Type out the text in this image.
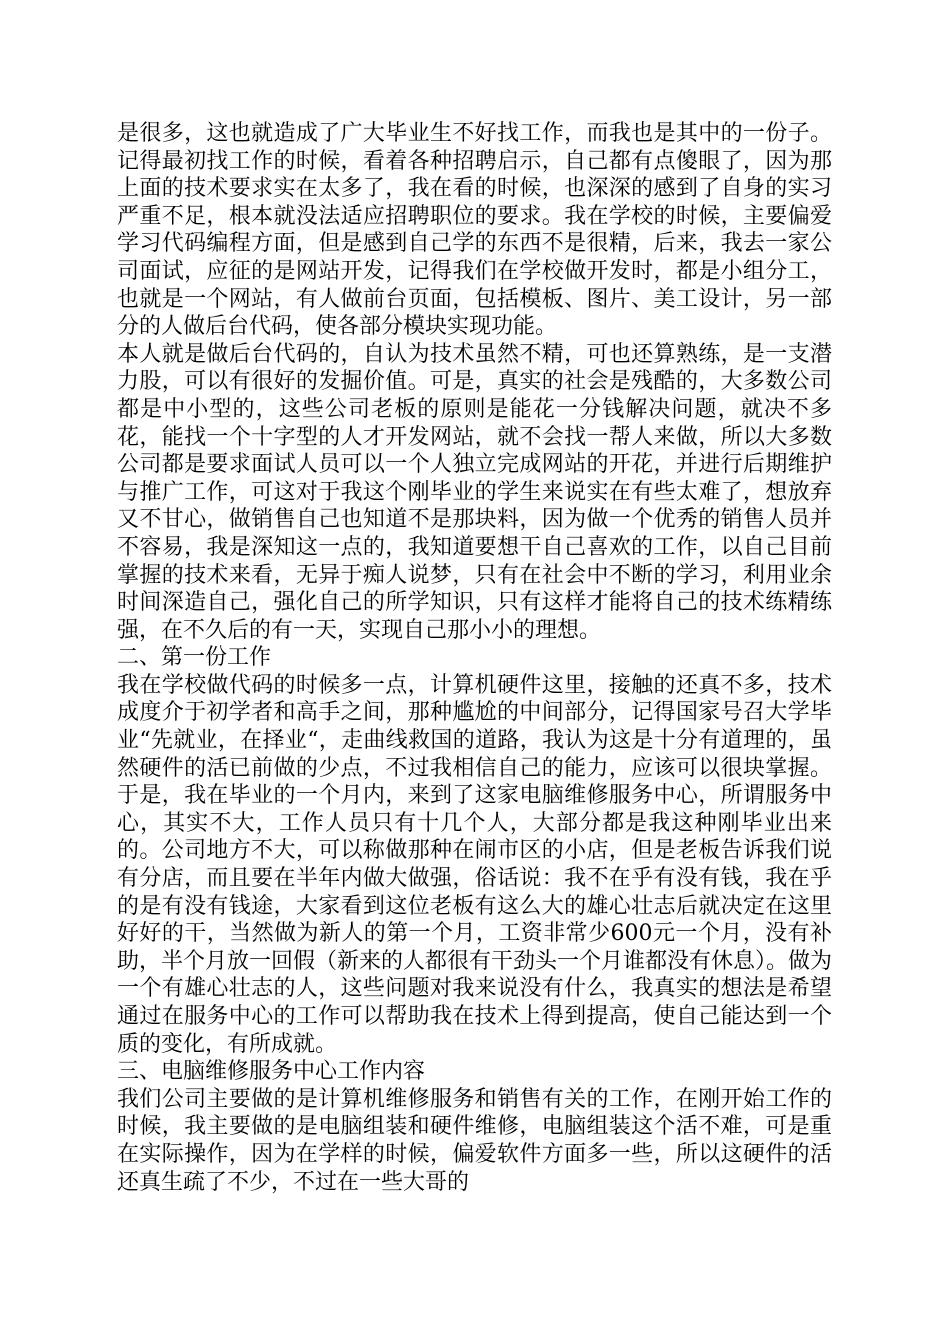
是很多，这也就造成了广大毕业生不好找工作，而我也是其中的一份子。记得最初找工作的时候，看着各种招聘启示，自己都有点傻眼了，因为那上面的技术要求实在太多了，我在看的时候，也深深的感到了自身的实习严重不足，根本就没法适应招聘职位的要求。我在学校的时候，主要偏爱学习代码编程方面，但是感到自己学的东西不是很精，后来，我去一家公司面试，应征的是网站开发，记得我们在学校做开发时，都是小组分工，也就是一个网站，有人做前台页面，包括模板、图片、美工设计，另一部分的人做后台代码，使各部分模块实现功能。

本人就是做后台代码的，自认为技术虽然不精，可也还算熟练，是一支潜力股，可以有很好的发掘价值。可是，真实的社会是残酷的，大多数公司都是中小型的，这些公司老板的原则是能花一分钱解决问题，就决不多花，能找一个十字型的人才开发网站，就不会找一帮人来做，所以大多数公司都是要求面试人员可以一个人独立完成网站的开花，并进行后期维护与推广工作，可这对于我这个刚毕业的学生来说实在有些太难了，想放弃又不甘心，做销售自己也知道不是那块料，因为做一个优秀的销售人员并不容易，我是深知这一点的，我知道要想干自己喜欢的工作，以自己目前掌握的技术来看，无异于痴人说梦，只有在社会中不断的学习，利用业余时间深造自己，强化自己的所学知识，只有这样才能将自己的技术练精练强，在不久后的有一天，实现自己那小小的理想。

二、第一份工作

我在学校做代码的时候多一点，计算机硬件这里，接触的还真不多，技术成度介于初学者和高手之间，那种尴尬的中间部分，记得国家号召大学毕业“先就业，在择业“，走曲线救国的道路，我认为这是十分有道理的，虽然硬件的活已前做的少点，不过我相信自己的能力，应该可以很块掌握。于是，我在毕业的一个月内，来到了这家电脑维修服务中心，所谓服务中心，其实不大，工作人员只有十几个人，大部分都是我这种刚毕业出来的。公司地方不大，可以称做那种在闹市区的小店，但是老板告诉我们说有分店，而且要在半年内做大做强，俗话说：我不在乎有没有钱，我在乎的是有没有钱途，大家看到这位老板有这么大的雄心壮志后就决定在这里好好的干，当然做为新人的第一个月，工资非常少600元一个月，没有补助，半个月放一回假（新来的人都很有干劲头一个月谁都没有休息）。做为一个有雄心壮志的人，这些问题对我来说没有什么，我真实的想法是希望通过在服务中心的工作可以帮助我在技术上得到提高，使自己能达到一个质的变化，有所成就。

三、电脑维修服务中心工作内容

我们公司主要做的是计算机维修服务和销售有关的工作，在刚开始工作的时候，我主要做的是电脑组装和硬件维修，电脑组装这个活不难，可是重在实际操作，因为在学样的时候，偏爱软件方面多一些，所以这硬件的活还真生疏了不少，不过在一些大哥的
